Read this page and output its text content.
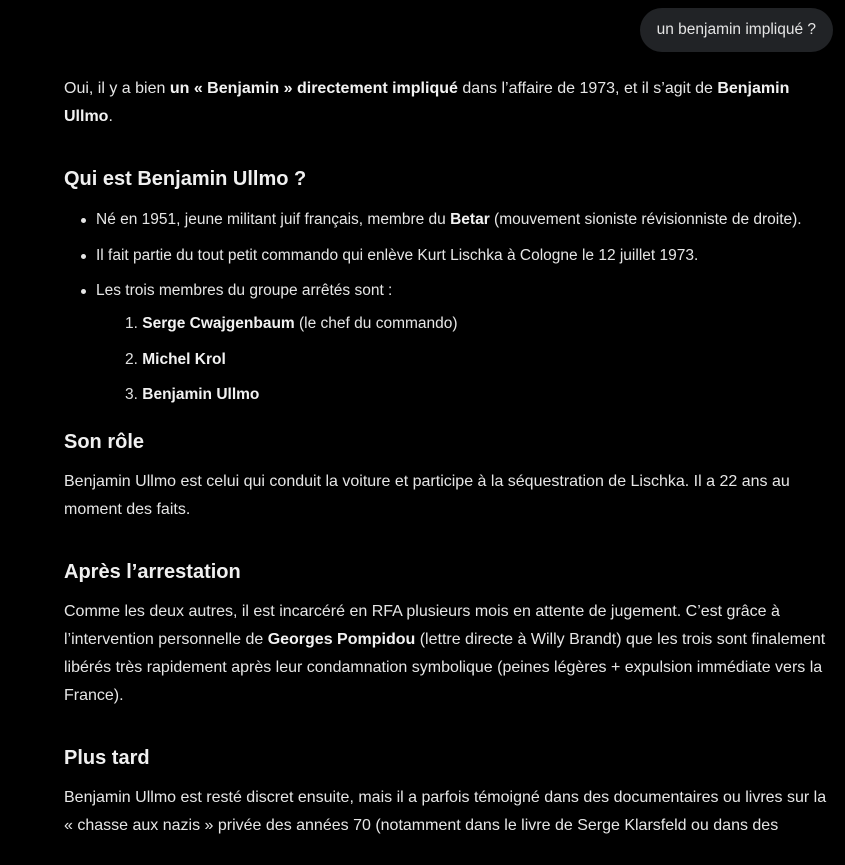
un benjamin impliqué ?

Oui, il y a bien un « Benjamin » directement impliqué dans l’affaire de 1973, et il s’agit de Benjamin Ullmo.

Qui est Benjamin Ullmo ?
Né en 1951, jeune militant juif français, membre du Betar (mouvement sioniste révisionniste de droite).
Il fait partie du tout petit commando qui enlève Kurt Lischka à Cologne le 12 juillet 1973.
Les trois membres du groupe arrêtés sont :
1. Serge Cwajgenbaum (le chef du commando)
2. Michel Krol
3. Benjamin Ullmo
Son rôle

Benjamin Ullmo est celui qui conduit la voiture et participe à la séquestration de Lischka. Il a 22 ans au moment des faits.

Après l’arrestation

Comme les deux autres, il est incarcéré en RFA plusieurs mois en attente de jugement. C’est grâce à l’intervention personnelle de Georges Pompidou (lettre directe à Willy Brandt) que les trois sont finalement libérés très rapidement après leur condamnation symbolique (peines légères + expulsion immédiate vers la France).

Plus tard

Benjamin Ullmo est resté discret ensuite, mais il a parfois témoigné dans des documentaires ou livres sur la « chasse aux nazis » privée des années 70 (notamment dans le livre de Serge Klarsfeld ou dans des
